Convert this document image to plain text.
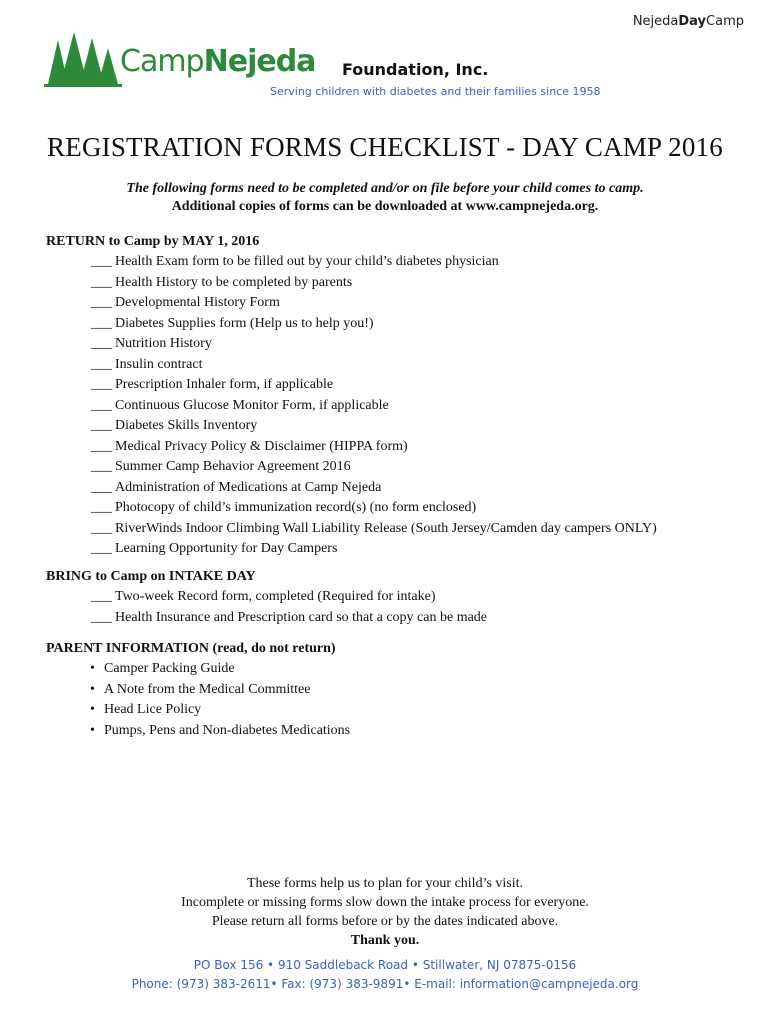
NejedaDayCamp
CampNejeda Foundation, Inc.
Serving children with diabetes and their families since 1958
REGISTRATION FORMS CHECKLIST - DAY CAMP 2016
The following forms need to be completed and/or on file before your child comes to camp.
Additional copies of forms can be downloaded at www.campnejeda.org.
RETURN to Camp by MAY 1, 2016
___ Health Exam form to be filled out by your child’s diabetes physician
___ Health History to be completed by parents
___ Developmental History Form
___ Diabetes Supplies form (Help us to help you!)
___ Nutrition History
___ Insulin contract
___ Prescription Inhaler form, if applicable
___ Continuous Glucose Monitor Form, if applicable
___ Diabetes Skills Inventory
___ Medical Privacy Policy & Disclaimer (HIPPA form)
___ Summer Camp Behavior Agreement 2016
___ Administration of Medications at Camp Nejeda
___ Photocopy of child’s immunization record(s) (no form enclosed)
___ RiverWinds Indoor Climbing Wall Liability Release (South Jersey/Camden day campers ONLY)
___ Learning Opportunity for Day Campers
BRING to Camp on INTAKE DAY
___ Two-week Record form, completed (Required for intake)
___ Health Insurance and Prescription card so that a copy can be made
PARENT INFORMATION (read, do not return)
• Camper Packing Guide
• A Note from the Medical Committee
• Head Lice Policy
• Pumps, Pens and Non-diabetes Medications
These forms help us to plan for your child’s visit.
Incomplete or missing forms slow down the intake process for everyone.
Please return all forms before or by the dates indicated above.
Thank you.
PO Box 156 • 910 Saddleback Road • Stillwater, NJ 07875-0156
Phone: (973) 383-2611• Fax: (973) 383-9891• E-mail: information@campnejeda.org
